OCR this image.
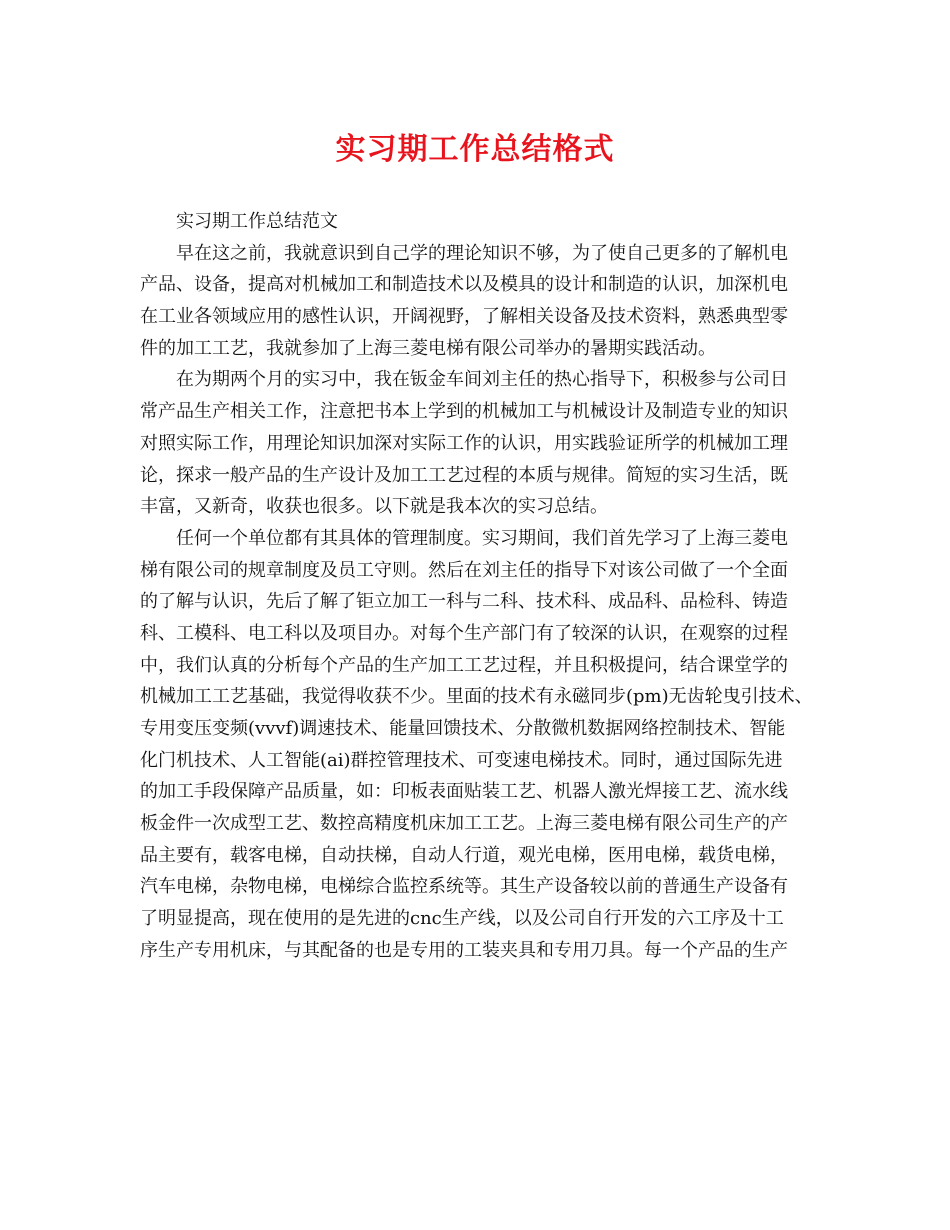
实习期工作总结格式
实习期工作总结范文
早在这之前，我就意识到自己学的理论知识不够，为了使自己更多的了解机电
产品、设备，提高对机械加工和制造技术以及模具的设计和制造的认识，加深机电
在工业各领域应用的感性认识，开阔视野，了解相关设备及技术资料，熟悉典型零
件的加工工艺，我就参加了上海三菱电梯有限公司举办的暑期实践活动。
在为期两个月的实习中，我在钣金车间刘主任的热心指导下，积极参与公司日
常产品生产相关工作，注意把书本上学到的机械加工与机械设计及制造专业的知识
对照实际工作，用理论知识加深对实际工作的认识，用实践验证所学的机械加工理
论，探求一般产品的生产设计及加工工艺过程的本质与规律。简短的实习生活，既
丰富，又新奇，收获也很多。以下就是我本次的实习总结。
任何一个单位都有其具体的管理制度。实习期间，我们首先学习了上海三菱电
梯有限公司的规章制度及员工守则。然后在刘主任的指导下对该公司做了一个全面
的了解与认识，先后了解了钜立加工一科与二科、技术科、成品科、品检科、铸造
科、工模科、电工科以及项目办。对每个生产部门有了较深的认识，在观察的过程
中，我们认真的分析每个产品的生产加工工艺过程，并且积极提问，结合课堂学的
机械加工工艺基础，我觉得收获不少。里面的技术有永磁同步(pm)无齿轮曳引技术、
专用变压变频(vvvf)调速技术、能量回馈技术、分散微机数据网络控制技术、智能
化门机技术、人工智能(ai)群控管理技术、可变速电梯技术。同时，通过国际先进
的加工手段保障产品质量，如：印板表面贴装工艺、机器人激光焊接工艺、流水线
板金件一次成型工艺、数控高精度机床加工工艺。上海三菱电梯有限公司生产的产
品主要有，载客电梯，自动扶梯，自动人行道，观光电梯，医用电梯，载货电梯，
汽车电梯，杂物电梯，电梯综合监控系统等。其生产设备较以前的普通生产设备有
了明显提高，现在使用的是先进的cnc生产线，以及公司自行开发的六工序及十工
序生产专用机床，与其配备的也是专用的工装夹具和专用刀具。每一个产品的生产
